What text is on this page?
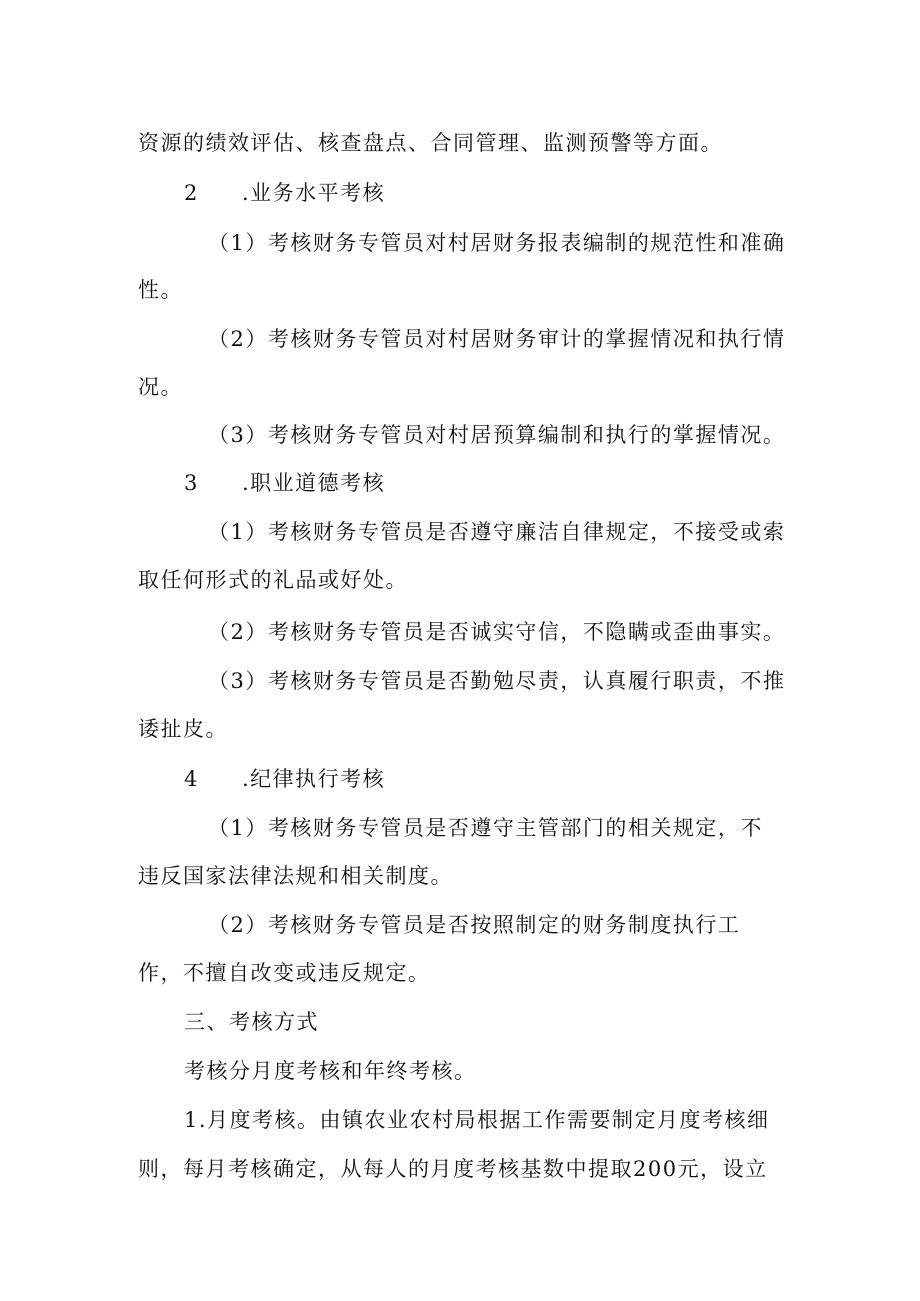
资源的绩效评估、核查盘点、合同管理、监测预警等方面。
2 .业务水平考核
（1）考核财务专管员对村居财务报表编制的规范性和准确
性。
（2）考核财务专管员对村居财务审计的掌握情况和执行情
况。
（3）考核财务专管员对村居预算编制和执行的掌握情况。
3 .职业道德考核
（1）考核财务专管员是否遵守廉洁自律规定，不接受或索
取任何形式的礼品或好处。
（2）考核财务专管员是否诚实守信，不隐瞒或歪曲事实。
（3）考核财务专管员是否勤勉尽责，认真履行职责，不推
诿扯皮。
4 .纪律执行考核
（1）考核财务专管员是否遵守主管部门的相关规定，不
违反国家法律法规和相关制度。
（2）考核财务专管员是否按照制定的财务制度执行工
作，不擅自改变或违反规定。
三、考核方式
考核分月度考核和年终考核。
1.月度考核。由镇农业农村局根据工作需要制定月度考核细
则，每月考核确定，从每人的月度考核基数中提取200元，设立
